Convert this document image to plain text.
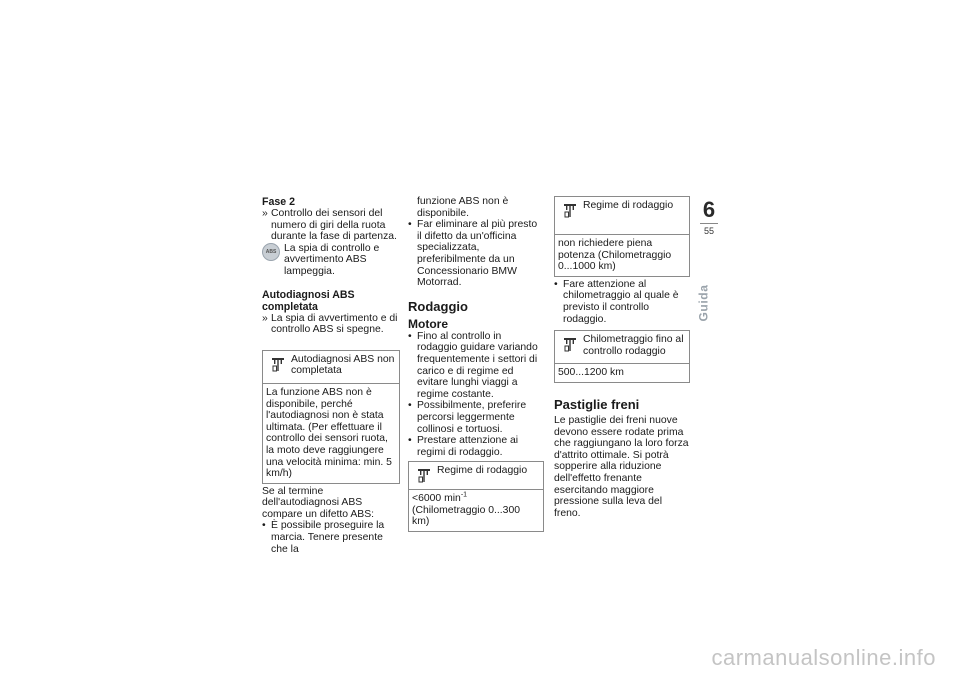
Fase 2

» Controllo dei sensori del numero di giri della ruota durante la fase di partenza.

ABS La spia di controllo e avvertimento ABS lampeggia.

Autodiagnosi ABS completata

» La spia di avvertimento e di controllo ABS si spegne.

Autodiagnosi ABS non completata
La funzione ABS non è disponibile, perché l'autodiagnosi non è stata ultimata. (Per effettuare il controllo dei sensori ruota, la moto deve raggiungere una velocità minima: min. 5 km/h)

Se al termine dell'autodiagnosi ABS compare un difetto ABS:

• È possibile proseguire la marcia. Tenere presente che la

funzione ABS non è disponibile.

• Far eliminare al più presto il difetto da un'officina specializzata, preferibilmente da un Concessionario BMW Motorrad.

Rodaggio

Motore

• Fino al controllo in rodaggio guidare variando frequentemente i settori di carico e di regime ed evitare lunghi viaggi a regime costante.

• Possibilmente, preferire percorsi leggermente collinosi e tortuosi.

• Prestare attenzione ai regimi di rodaggio.

Regime di rodaggio
<6000 $\min^{-1}$ (Chilometraggio 0...300 km)
Regime di rodaggio
non richiedere piena potenza (Chilometraggio 0...1000 km)

• Fare attenzione al chilometraggio al quale è previsto il controllo rodaggio.

Chilometraggio fino al controllo rodaggio
500...1200 km

Pastiglie freni

Le pastiglie dei freni nuove devono essere rodate prima che raggiungano la loro forza d'attrito ottimale. Si potrà sopperire alla riduzione dell'effetto frenante esercitando maggiore pressione sulla leva del freno.

6
55
Guida
carmanualsonline.info
